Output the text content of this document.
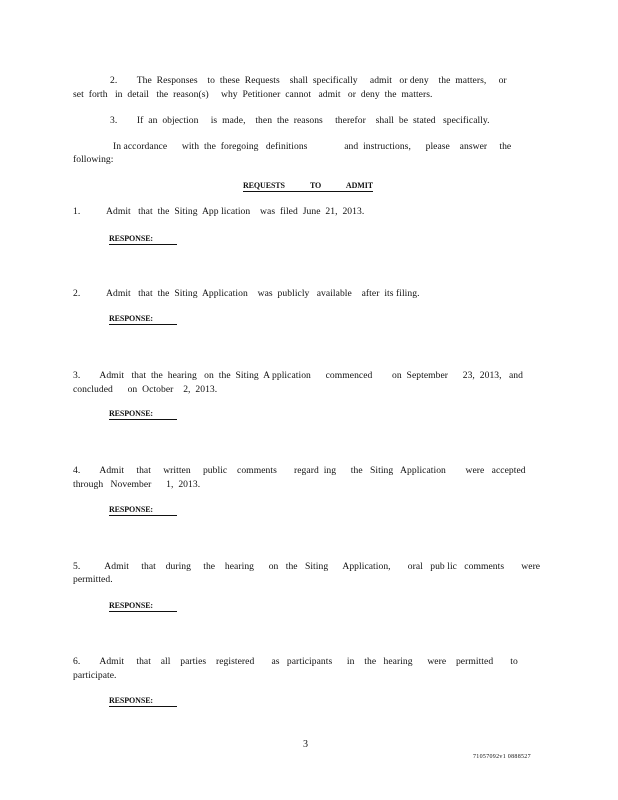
2.        The  Responses    to  these  Requests    shall  specifically     admit   or deny    the  matters,     or
set  forth   in  detail   the  reason(s)     why  Petitioner  cannot   admit   or  deny  the  matters.
3.        If  an  objection     is  made,    then  the  reasons     therefor    shall  be  stated   specifically.
In accordance      with  the  foregoing   definitions               and  instructions,      please    answer     the
following:
REQUESTS TO ADMIT
1.	Admit   that  the  Siting  App lication    was  filed  June  21,  2013.
RESPONSE:
2.	Admit   that  the  Siting  Application    was  publicly   available    after  its filing.
RESPONSE:
3.        Admit   that  the  hearing   on  the  Siting  A pplication      commenced        on  September      23,  2013,   and
concluded      on  October    2,  2013.
RESPONSE:
4.        Admit     that     written     public    comments       regard  ing      the   Siting   Application        were   accepted
through   November      1,  2013.
RESPONSE:
5.          Admit     that    during     the    hearing      on   the   Siting      Application,       oral   pub lic   comments       were
permitted.
RESPONSE:
6.        Admit     that    all    parties    registered       as   participants      in    the   hearing      were    permitted       to
participate.
RESPONSE:
3
71057092v1 0888527
